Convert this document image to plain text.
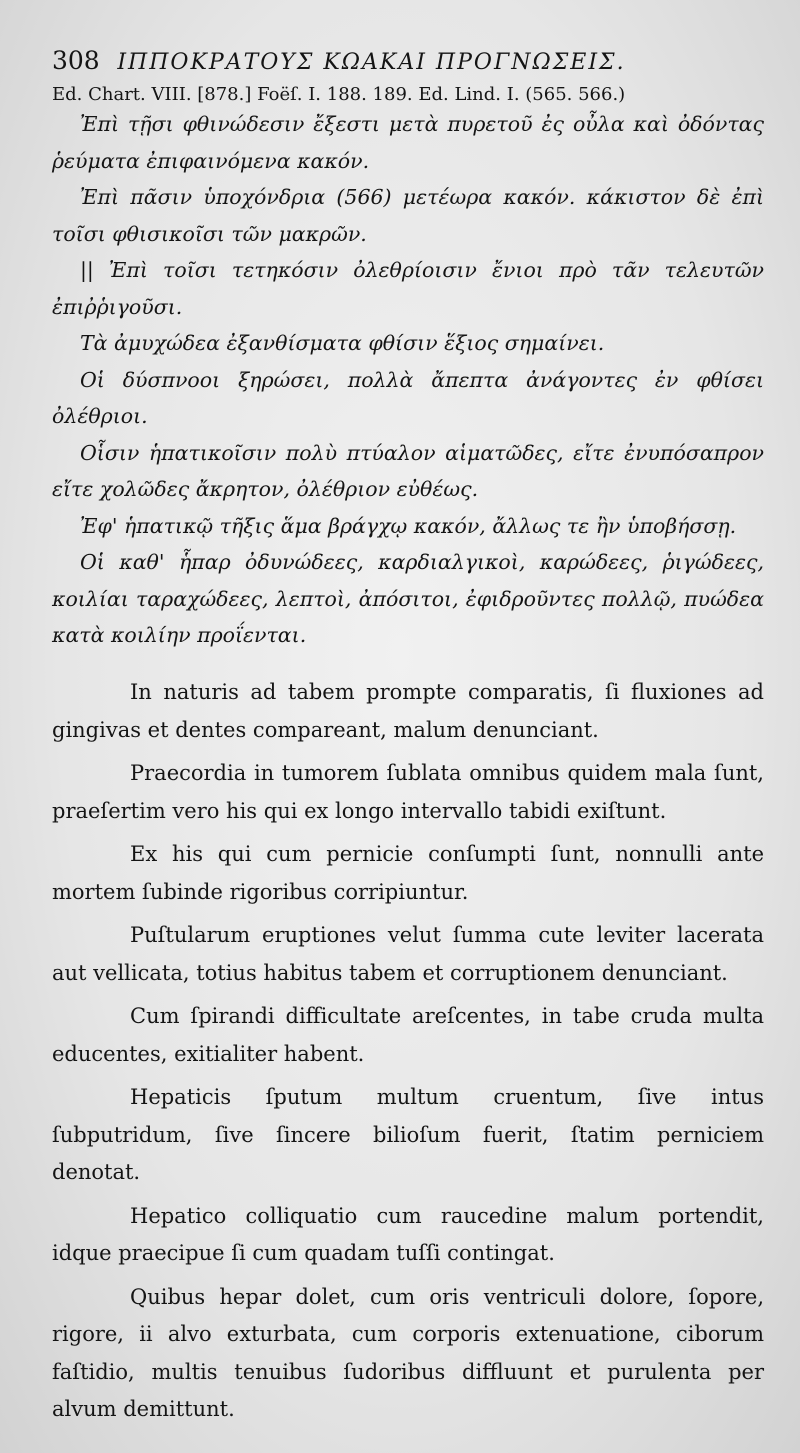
308 ΙΠΠΟΚΡΑΤΟΥΣ ΚΩΑΚΑΙ ΠΡΟΓΝΩΣΕΙΣ.
Ed. Chart. VIII. [878.] Foëſ. I. 188. 189. Ed. Lind. I. (565. 566.)

Ἐπὶ τῇσι φθινώδεσιν ἔξεστι μετὰ πυρετοῦ ἐς οὖλα καὶ ὀδόντας ῥεύματα ἐπιφαινόμενα κακόν.

Ἐπὶ πᾶσιν ὑποχόνδρια (566) μετέωρα κακόν. κάκιστον δὲ ἐπὶ τοῖσι φθισικοῖσι τῶν μακρῶν.

|| Ἐπὶ τοῖσι τετηκόσιν ὀλεθρίοισιν ἔνιοι πρὸ τᾶν τελευτῶν ἐπιῤῥιγοῦσι.

Τὰ ἀμυχώδεα ἐξανθίσματα φθίσιν ἕξιος σημαίνει.

Οἱ δύσπνοοι ξηρώσει, πολλὰ ἄπεπτα ἀνάγοντες ἐν φθίσει ὀλέθριοι.

Οἷσιν ἡπατικοῖσιν πολὺ πτύαλον αἱματῶδες, εἴτε ἐνυπόσαπρον εἴτε χολῶδες ἄκρητον, ὀλέθριον εὐθέως.

Ἐφ' ἡπατικῷ τῆξις ἅμα βράγχῳ κακόν, ἄλλως τε ἢν ὑποβήσσῃ.

Οἱ καθ' ἧπαρ ὀδυνώδεες, καρδιαλγικοὶ, καρώδεες, ῥιγώδεες, κοιλίαι ταραχώδεες, λεπτοὶ, ἀπόσιτοι, ἐφιδροῦντες πολλῷ, πυώδεα κατὰ κοιλίην προΐενται.

In naturis ad tabem prompte comparatis, ſi fluxiones ad gingivas et dentes compareant, malum denunciant.

Praecordia in tumorem ſublata omnibus quidem mala ſunt, praeſertim vero his qui ex longo intervallo tabidi exiſtunt.

Ex his qui cum pernicie conſumpti ſunt, nonnulli ante mortem ſubinde rigoribus corripiuntur.

Puſtularum eruptiones velut ſumma cute leviter lacerata aut vellicata, totius habitus tabem et corruptionem denunciant.

Cum ſpirandi difficultate areſcentes, in tabe cruda multa educentes, exitialiter habent.

Hepaticis ſputum multum cruentum, ſive intus ſubputridum, ſive ſincere bilioſum fuerit, ſtatim perniciem denotat.

Hepatico colliquatio cum raucedine malum portendit, idque praecipue ſi cum quadam tuſſi contingat.

Quibus hepar dolet, cum oris ventriculi dolore, ſopore, rigore, ii alvo exturbata, cum corporis extenuatione, ciborum faſtidio, multis tenuibus ſudoribus diffluunt et purulenta per alvum demittunt.
